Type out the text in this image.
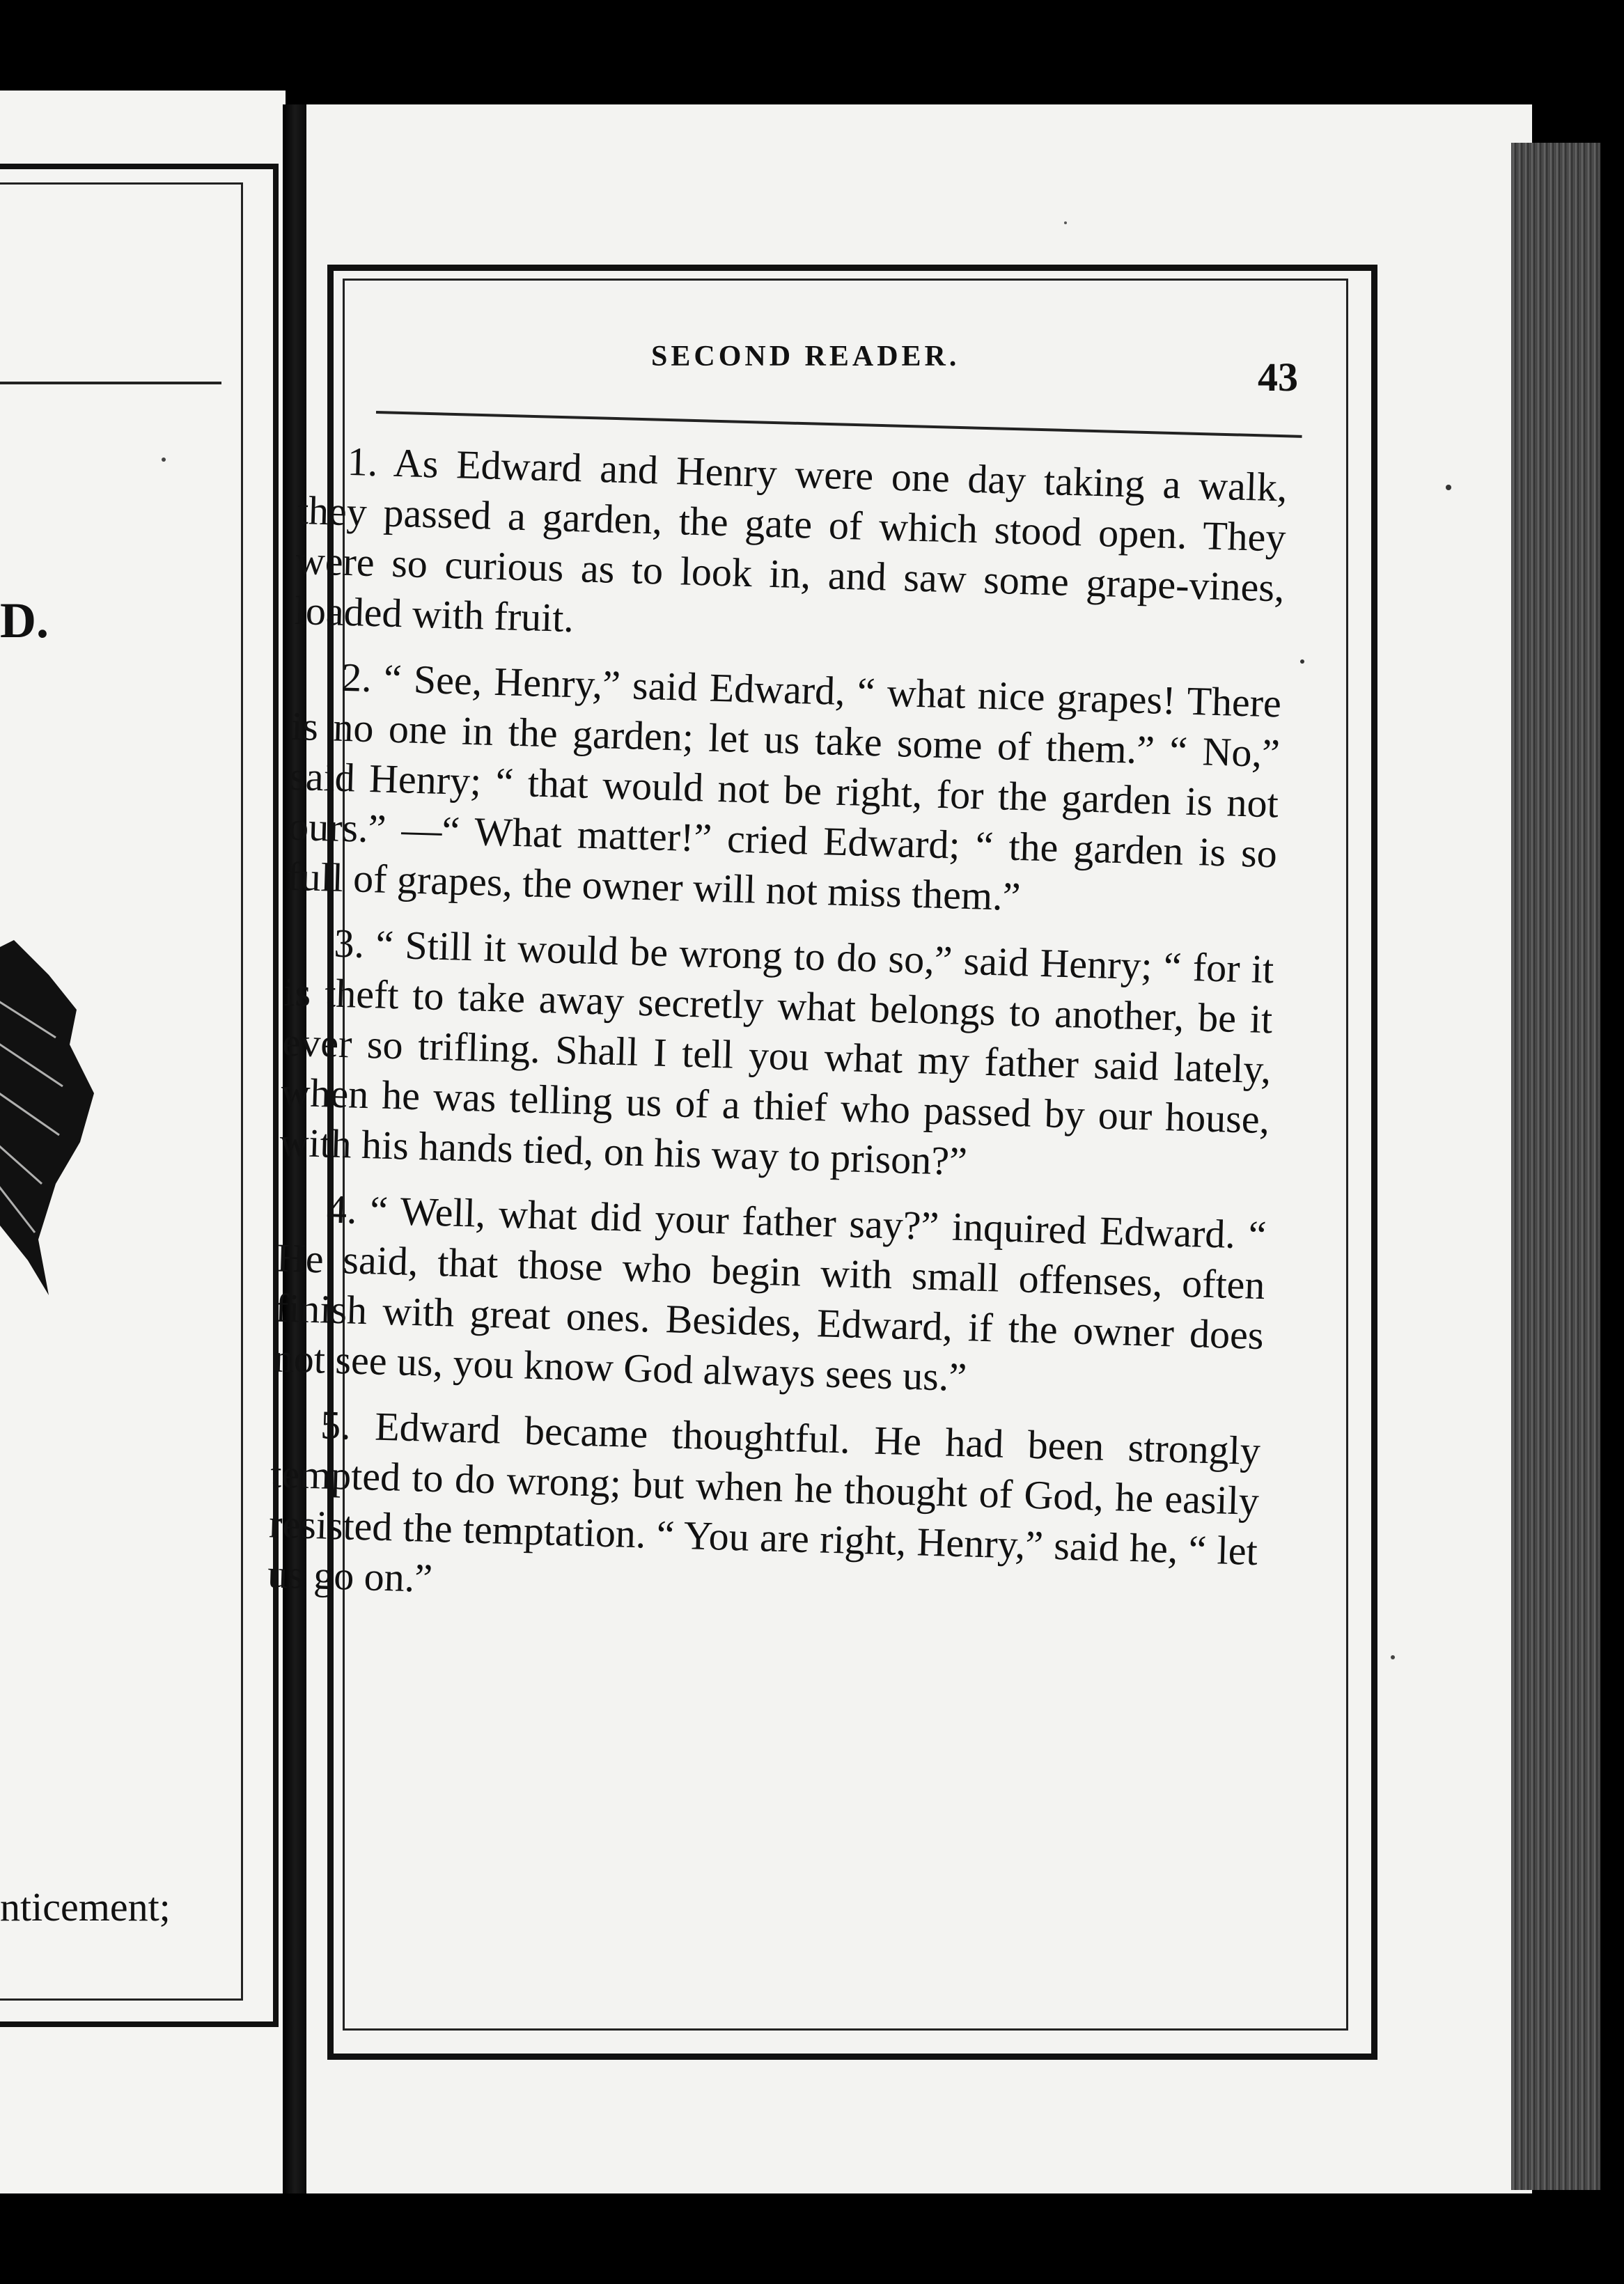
D.
nticement;
SECOND READER.	43

1. As Edward and Henry were one day taking a walk, they passed a garden, the gate of which stood open. They were so curious as to look in, and saw some grape-vines, loaded with fruit.

2. “ See, Henry,” said Edward, “ what nice grapes! There is no one in the garden; let us take some of them.” “ No,” said Henry; “ that would not be right, for the garden is not ours.” —“ What matter!” cried Edward; “ the garden is so full of grapes, the owner will not miss them.”

3. “ Still it would be wrong to do so,” said Henry; “ for it is theft to take away secretly what belongs to another, be it ever so trifling. Shall I tell you what my father said lately, when he was telling us of a thief who passed by our house, with his hands tied, on his way to prison?”

4. “ Well, what did your father say?” inquired Edward. “ He said, that those who begin with small offenses, often finish with great ones. Besides, Edward, if the owner does not see us, you know God always sees us.”

5. Edward became thoughtful. He had been strongly tempted to do wrong; but when he thought of God, he easily resisted the temptation. “ You are right, Henry,” said he, “ let us go on.”
